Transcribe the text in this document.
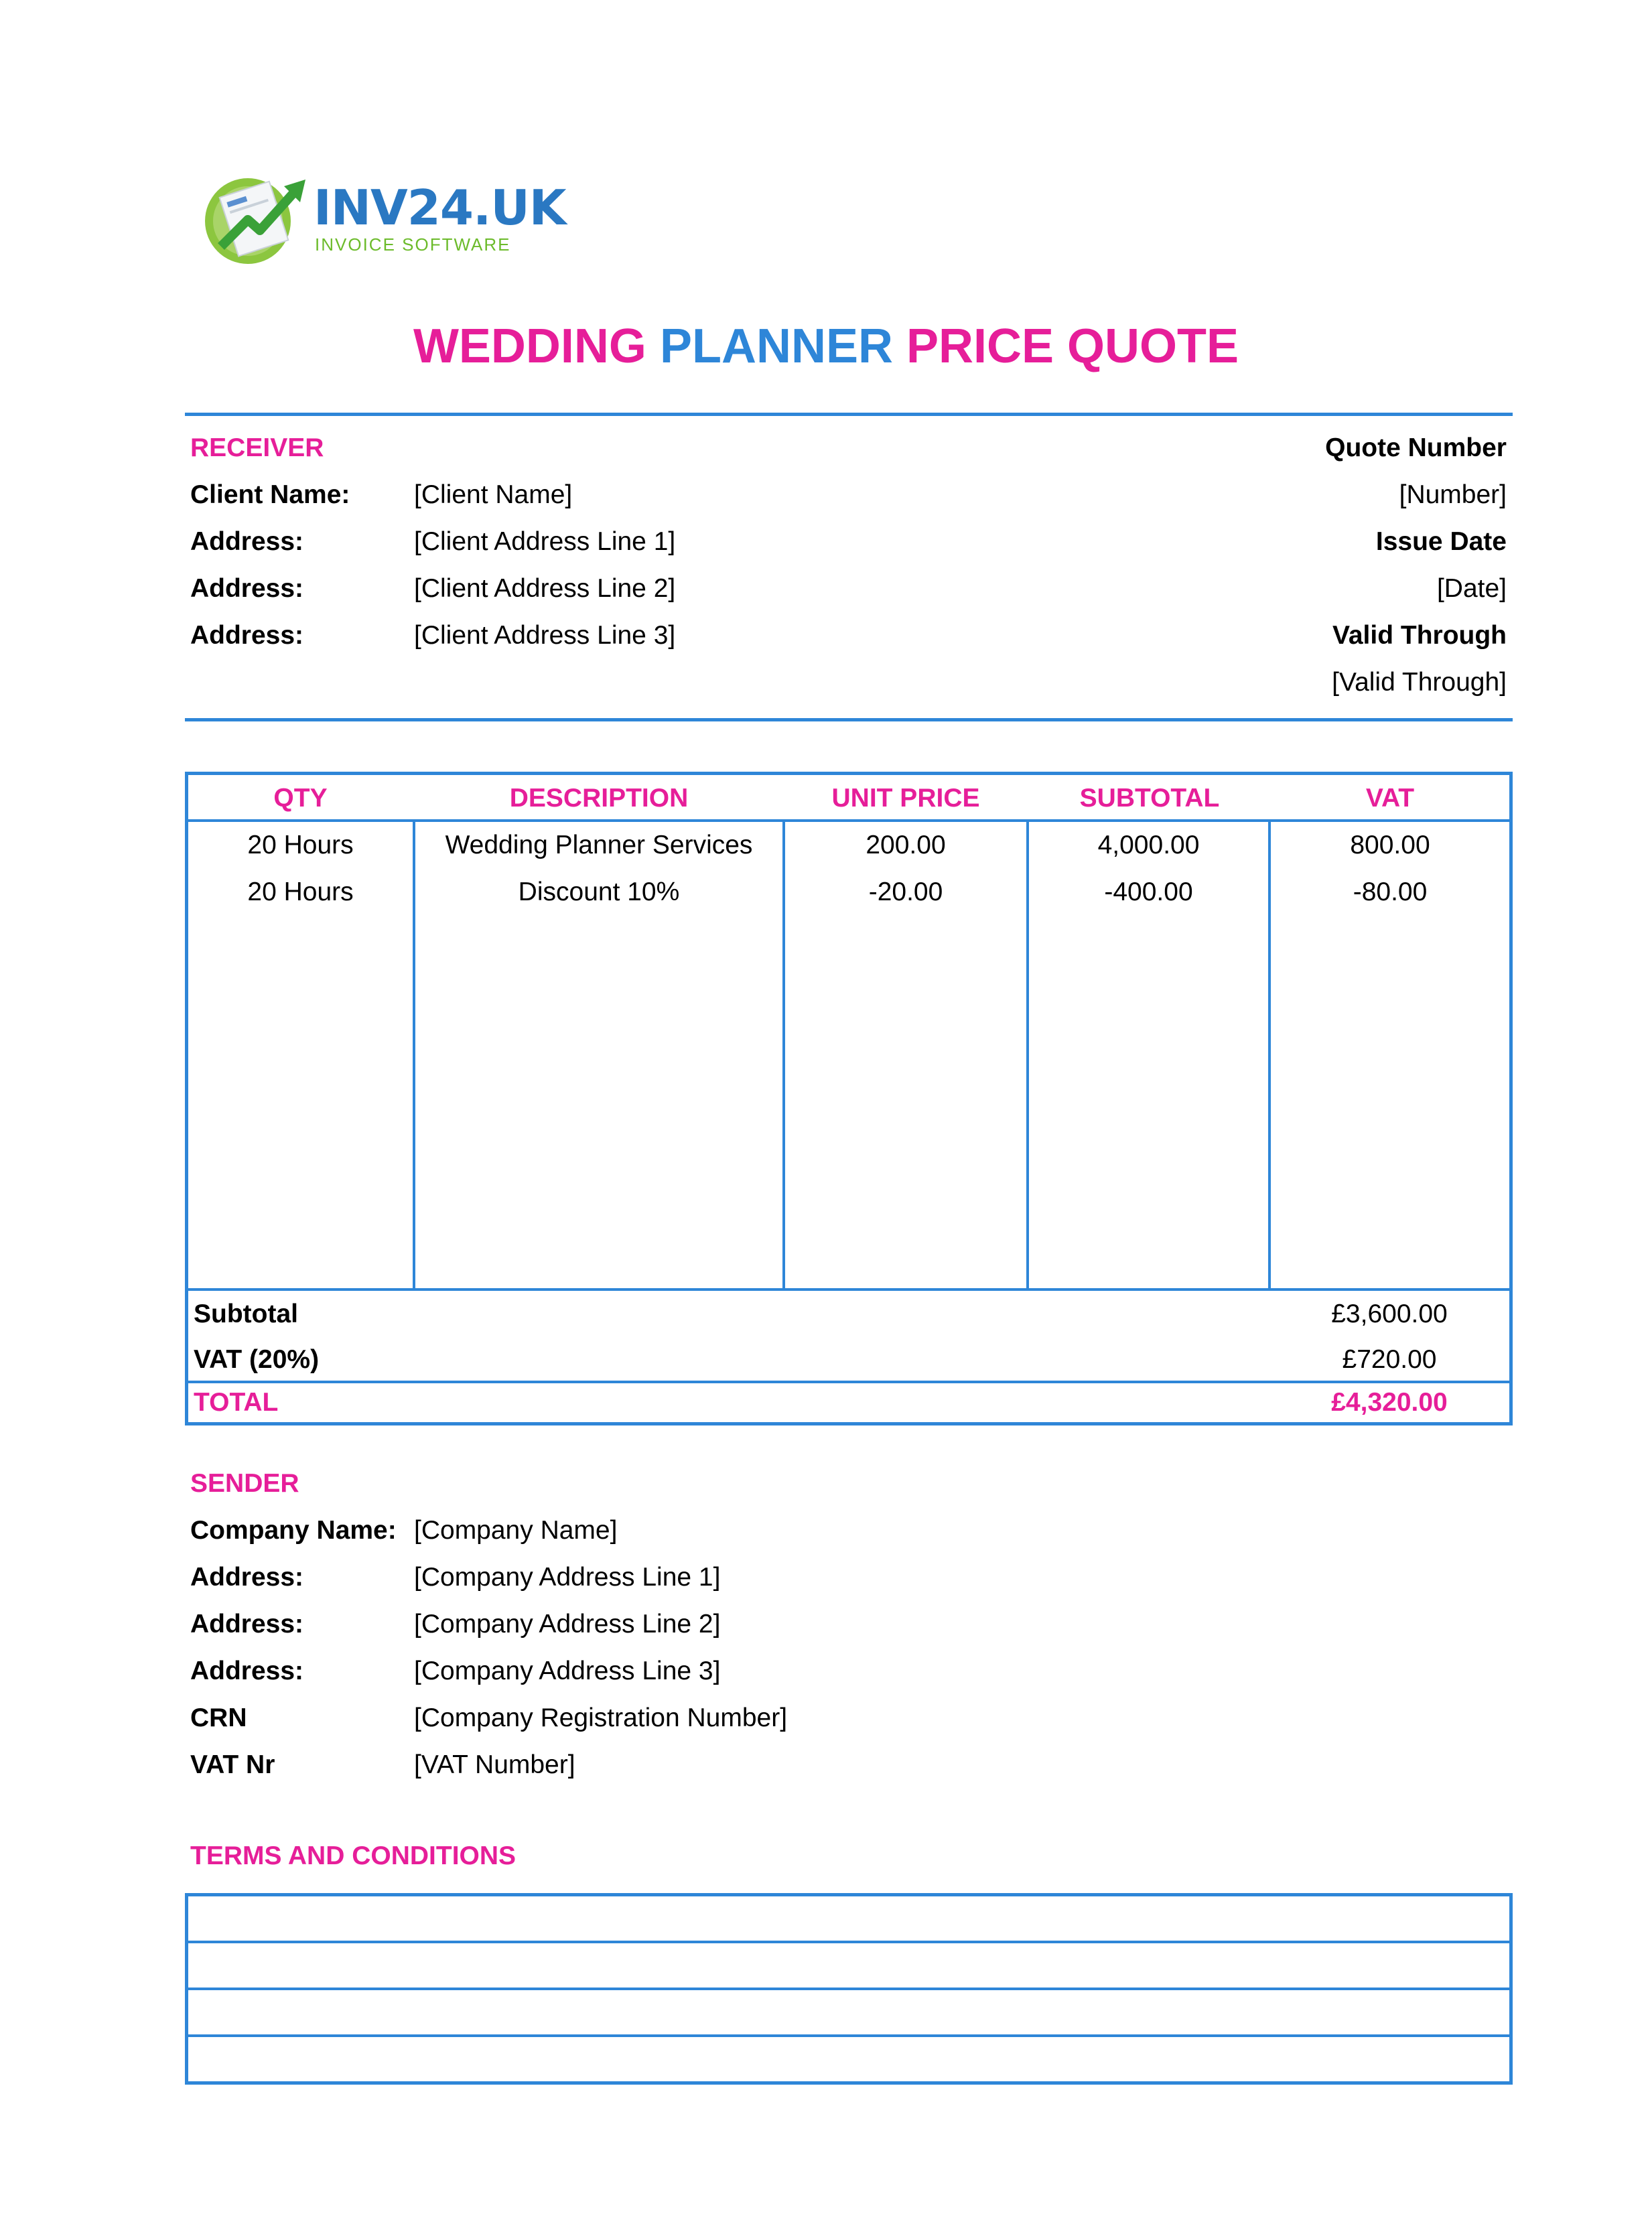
INV24.UK
INVOICE SOFTWARE
WEDDING PLANNER PRICE QUOTE
RECEIVER
Client Name: [Client Name]
Address:	[Client Address Line 1]
Address:	[Client Address Line 2]
Address:	[Client Address Line 3]
Quote Number
[Number]
Issue Date
[Date]
Valid Through
[Valid Through]
QTY	DESCRIPTION	UNIT PRICE	SUBTOTAL	VAT
20 Hours	Wedding Planner Services	200.00	4,000.00	800.00
20 Hours	Discount 10%	-20.00	-400.00	-80.00
Subtotal	£3,600.00
VAT (20%)	£720.00
TOTAL	£4,320.00
SENDER
Company Name: [Company Name]
Address:	[Company Address Line 1]
Address:	[Company Address Line 2]
Address:	[Company Address Line 3]
CRN	[Company Registration Number]
VAT Nr	[VAT Number]
TERMS AND CONDITIONS
